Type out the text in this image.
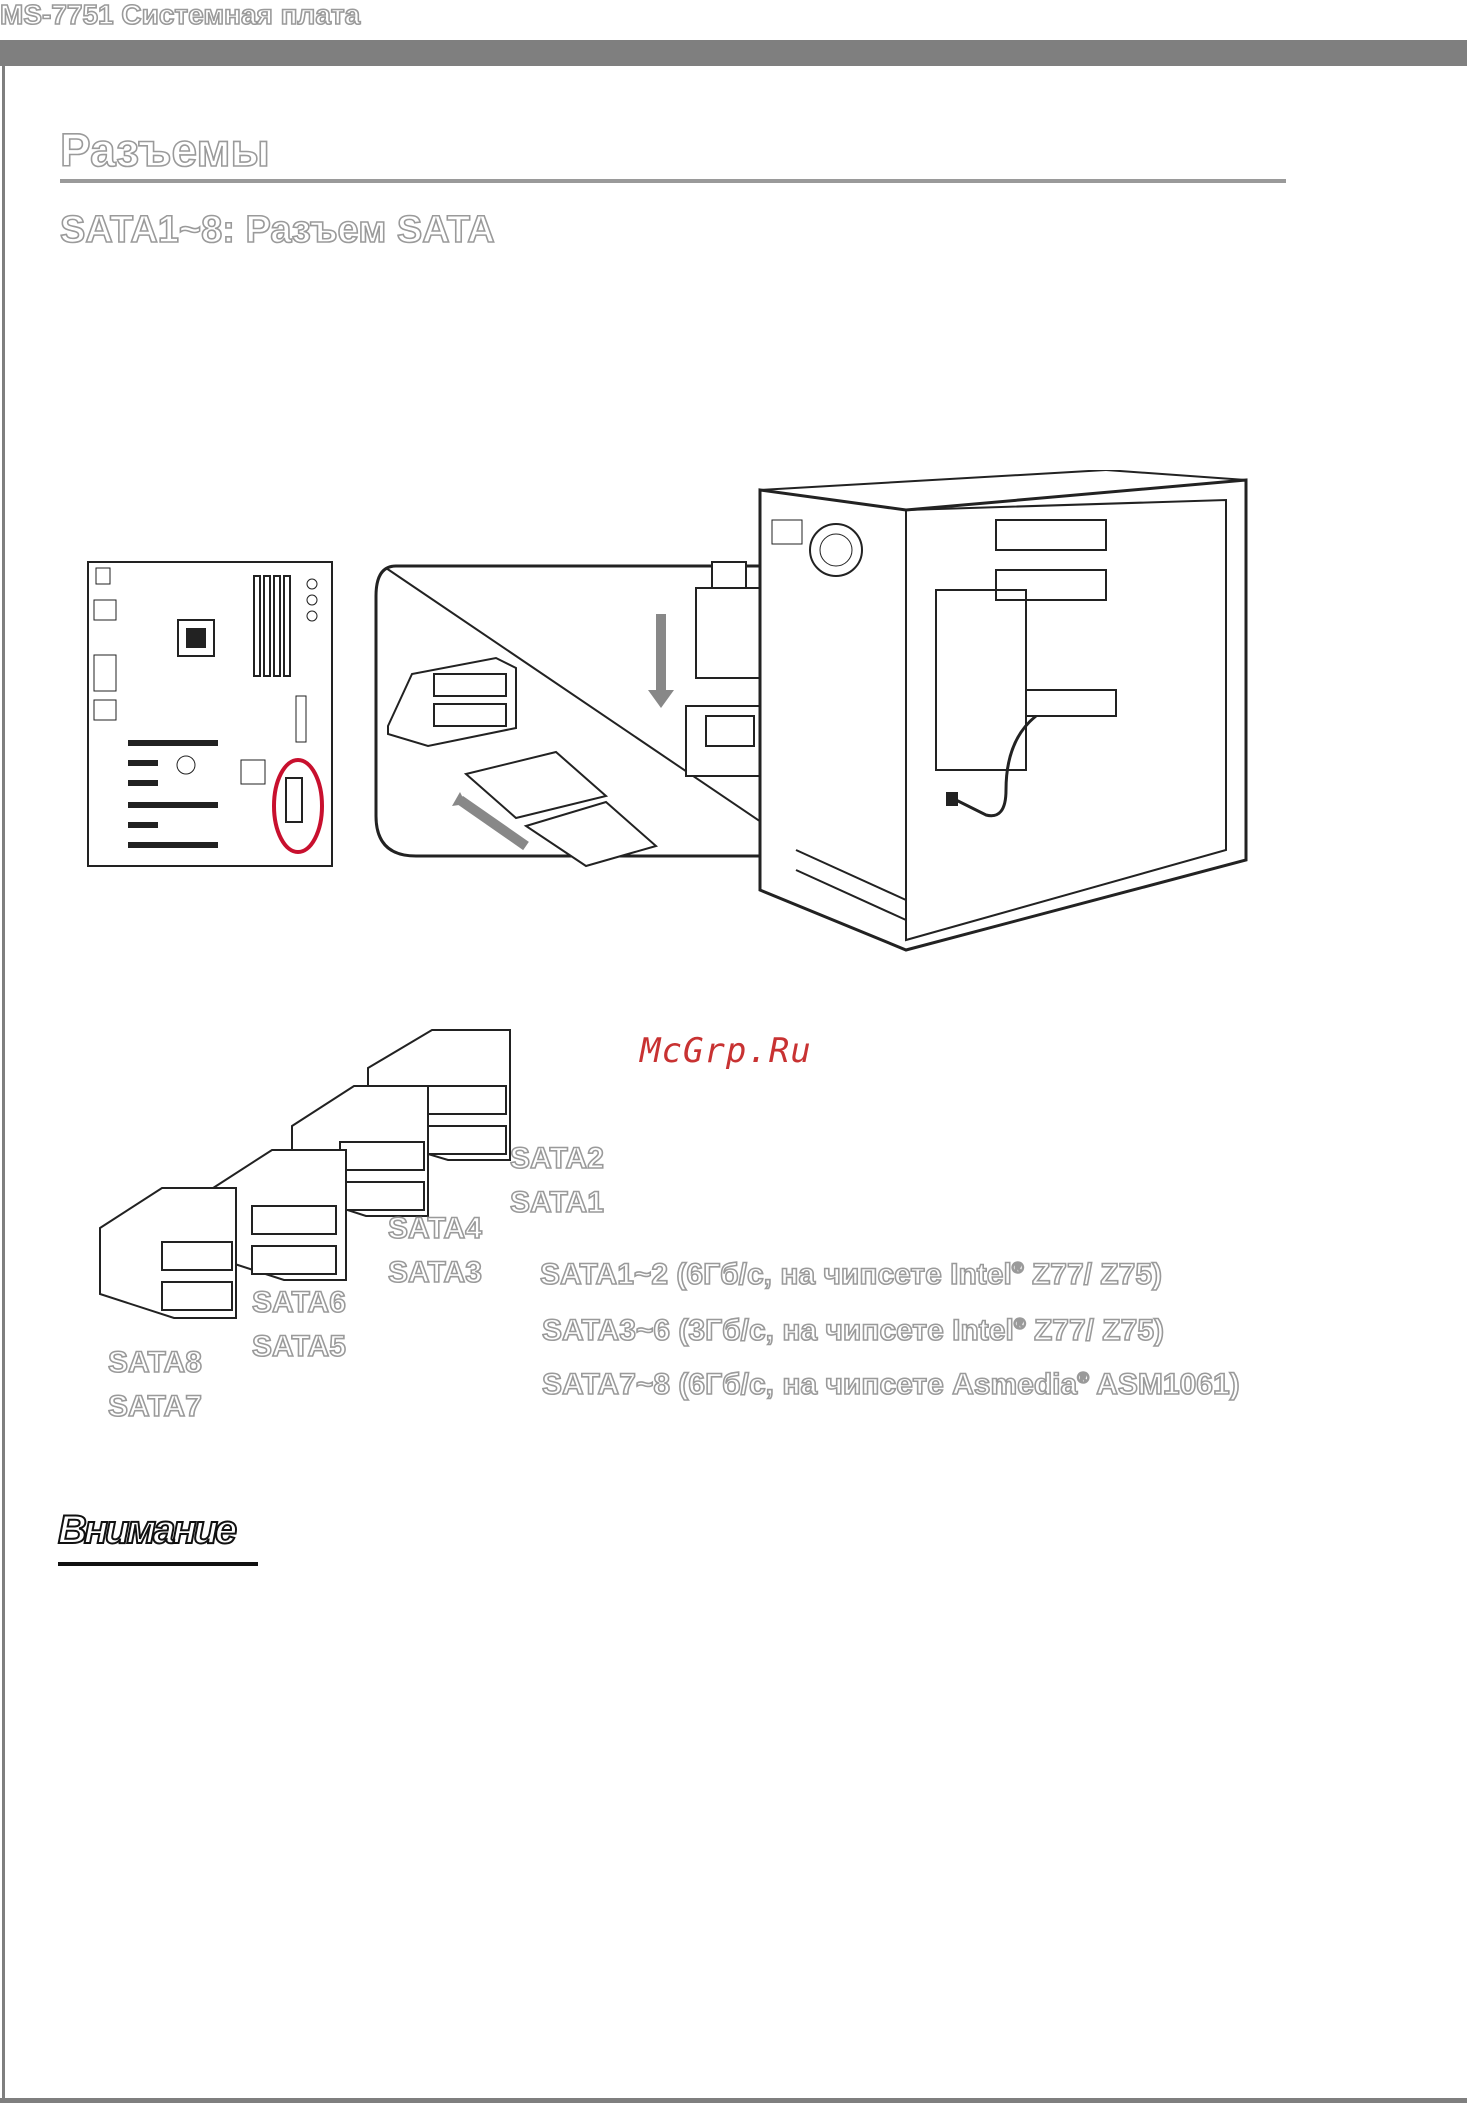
MS-7751 Системная плата
Разъемы
SATA1~8: Разъем SATA
McGrp.Ru
SATA2
SATA1
SATA4
SATA3
SATA6
SATA5
SATA8
SATA7
SATA1~2 (6Гб/с, на чипсете Intel® Z77/ Z75)
SATA3~6 (3Гб/с, на чипсете Intel® Z77/ Z75)
SATA7~8 (6Гб/с, на чипсете Asmedia® ASM1061)
Внимание
